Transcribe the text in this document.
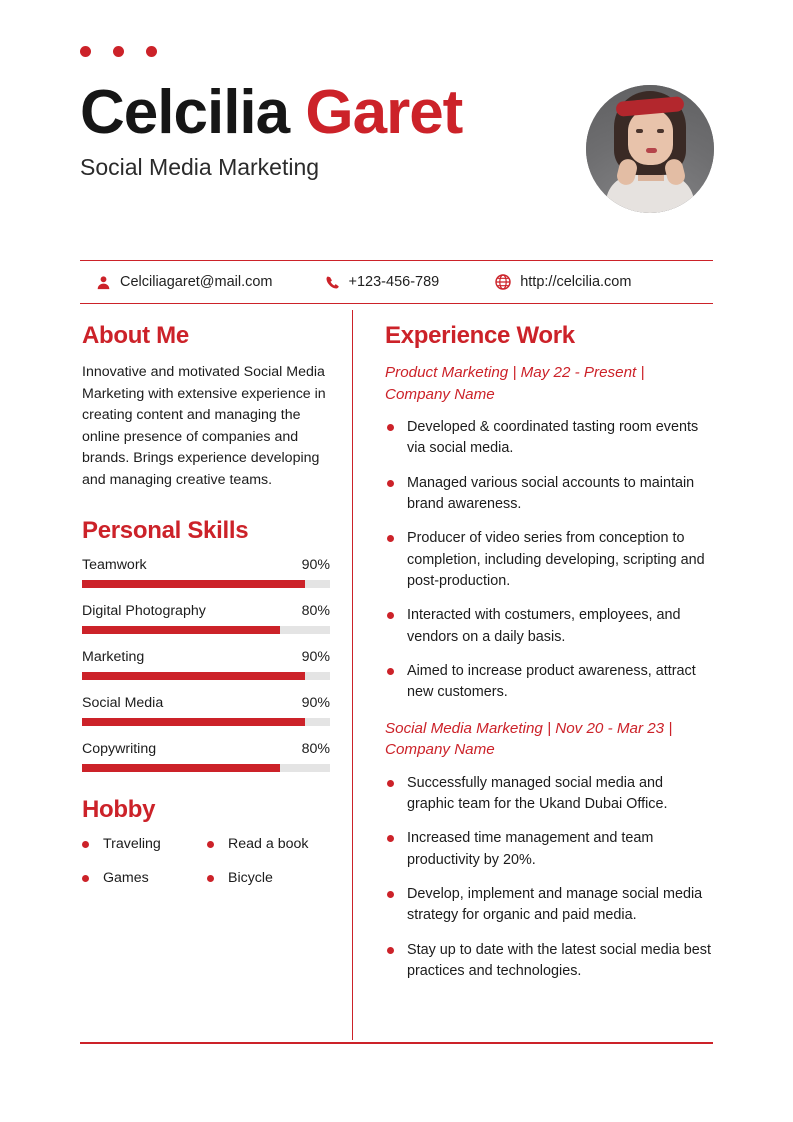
Celcilia Garet
Social Media Marketing
Celciliagaret@mail.com	+123-456-789	http://celcilia.com
About Me

Innovative and motivated Social Media Marketing with extensive experience in creating content and managing the online presence of companies and brands. Brings experience developing and managing creative teams.

Personal Skills
Teamwork	90%
Digital Photography	80%
Marketing	90%
Social Media	90%
Copywriting	80%
Hobby
Traveling	Read a book
Games	Bicycle
Experience Work
Product Marketing | May 22 - Present | Company Name
Developed & coordinated tasting room events via social media.
Managed various social accounts to maintain brand awareness.
Producer of video series from conception to completion, including developing, scripting and post-production.
Interacted with costumers, employees, and vendors on a daily basis.
Aimed to increase product awareness, attract new customers.
Social Media Marketing | Nov 20 - Mar 23 | Company Name
Successfully managed social media and graphic team for the Ukand Dubai Office.
Increased time management and team productivity by 20%.
Develop, implement and manage social media strategy for organic and paid media.
Stay up to date with the latest social media best practices and technologies.
